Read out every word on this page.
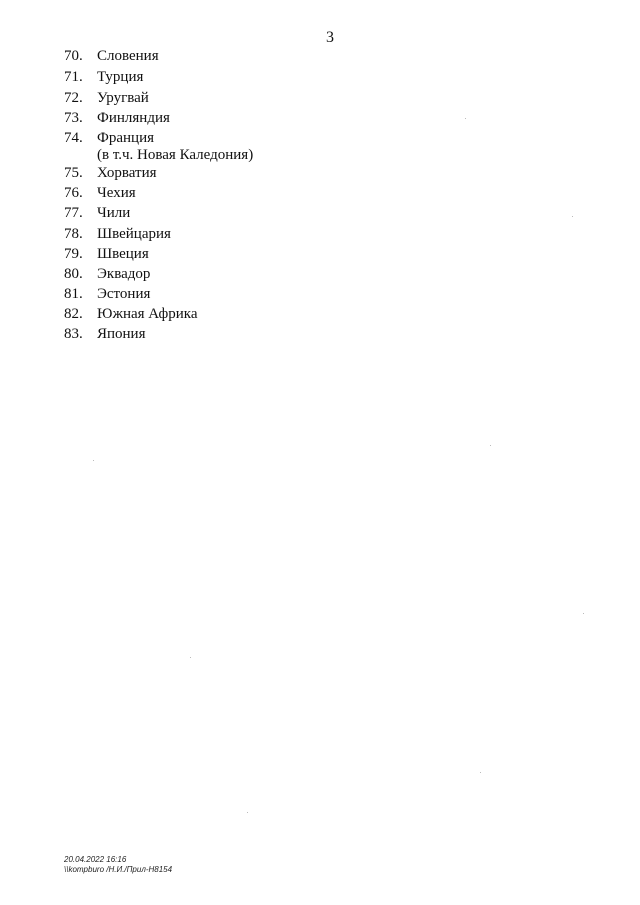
3
70. Словения
71. Турция
72. Уругвай
73. Финляндия
74. Франция
(в т.ч. Новая Каледония)
75. Хорватия
76. Чехия
77. Чили
78. Швейцария
79. Швеция
80. Эквадор
81. Эстония
82. Южная Африка
83. Япония
20.04.2022 16:16
\\kompburo /Н.И./Прил-Н8154
